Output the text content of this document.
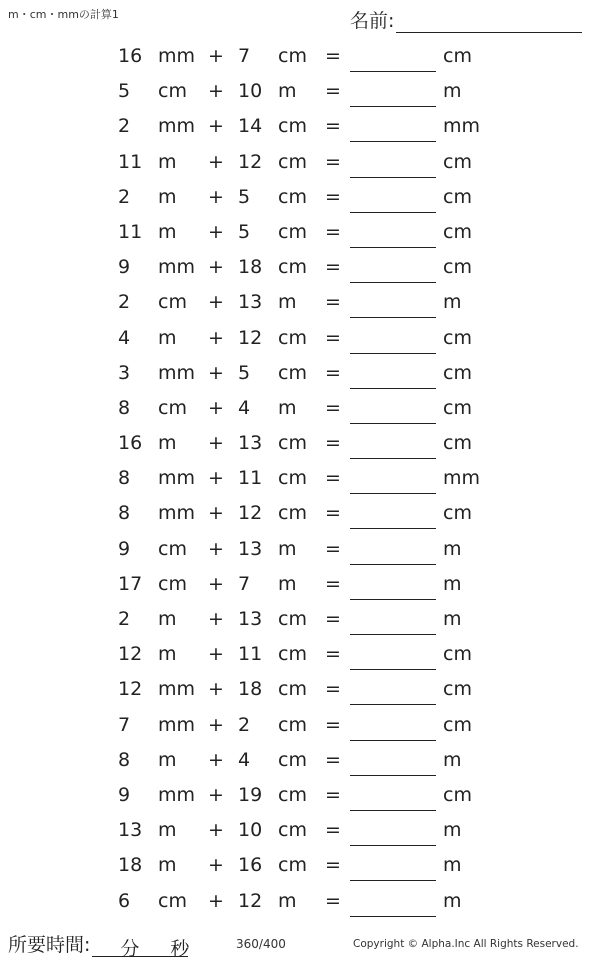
m・cm・mmの計算1	名前:
16 mm + 7	cm =	cm
5	cm	+ 10 m	=	m
2	mm + 14 cm =	mm
11 m	+ 12 cm =	cm
2	m	+ 5	cm =	cm
11 m	+ 5	cm =	cm
9	mm + 18 cm =	cm
2	cm	+ 13 m	=	m
4	m	+ 12 cm =	cm
3	mm + 5	cm =	cm
8	cm	+ 4	m	=	cm
16 m	+ 13 cm =	cm
8	mm + 11 cm =	mm
8	mm + 12 cm =	cm
9	cm	+ 13 m	=	m
17 cm	+ 7	m	=	m
2	m	+ 13 cm =	m
12 m	+ 11 cm =	cm
12 mm + 18 cm =	cm
7	mm + 2	cm =	cm
8	m	+ 4	cm =	m
9	mm + 19 cm =	cm
13 m	+ 10 cm =	m
18 m	+ 16 cm =	m
6	cm	+ 12 m	=	m
所要時間: 分 秒	360/400	Copyright © Alpha.Inc All Rights Reserved.
